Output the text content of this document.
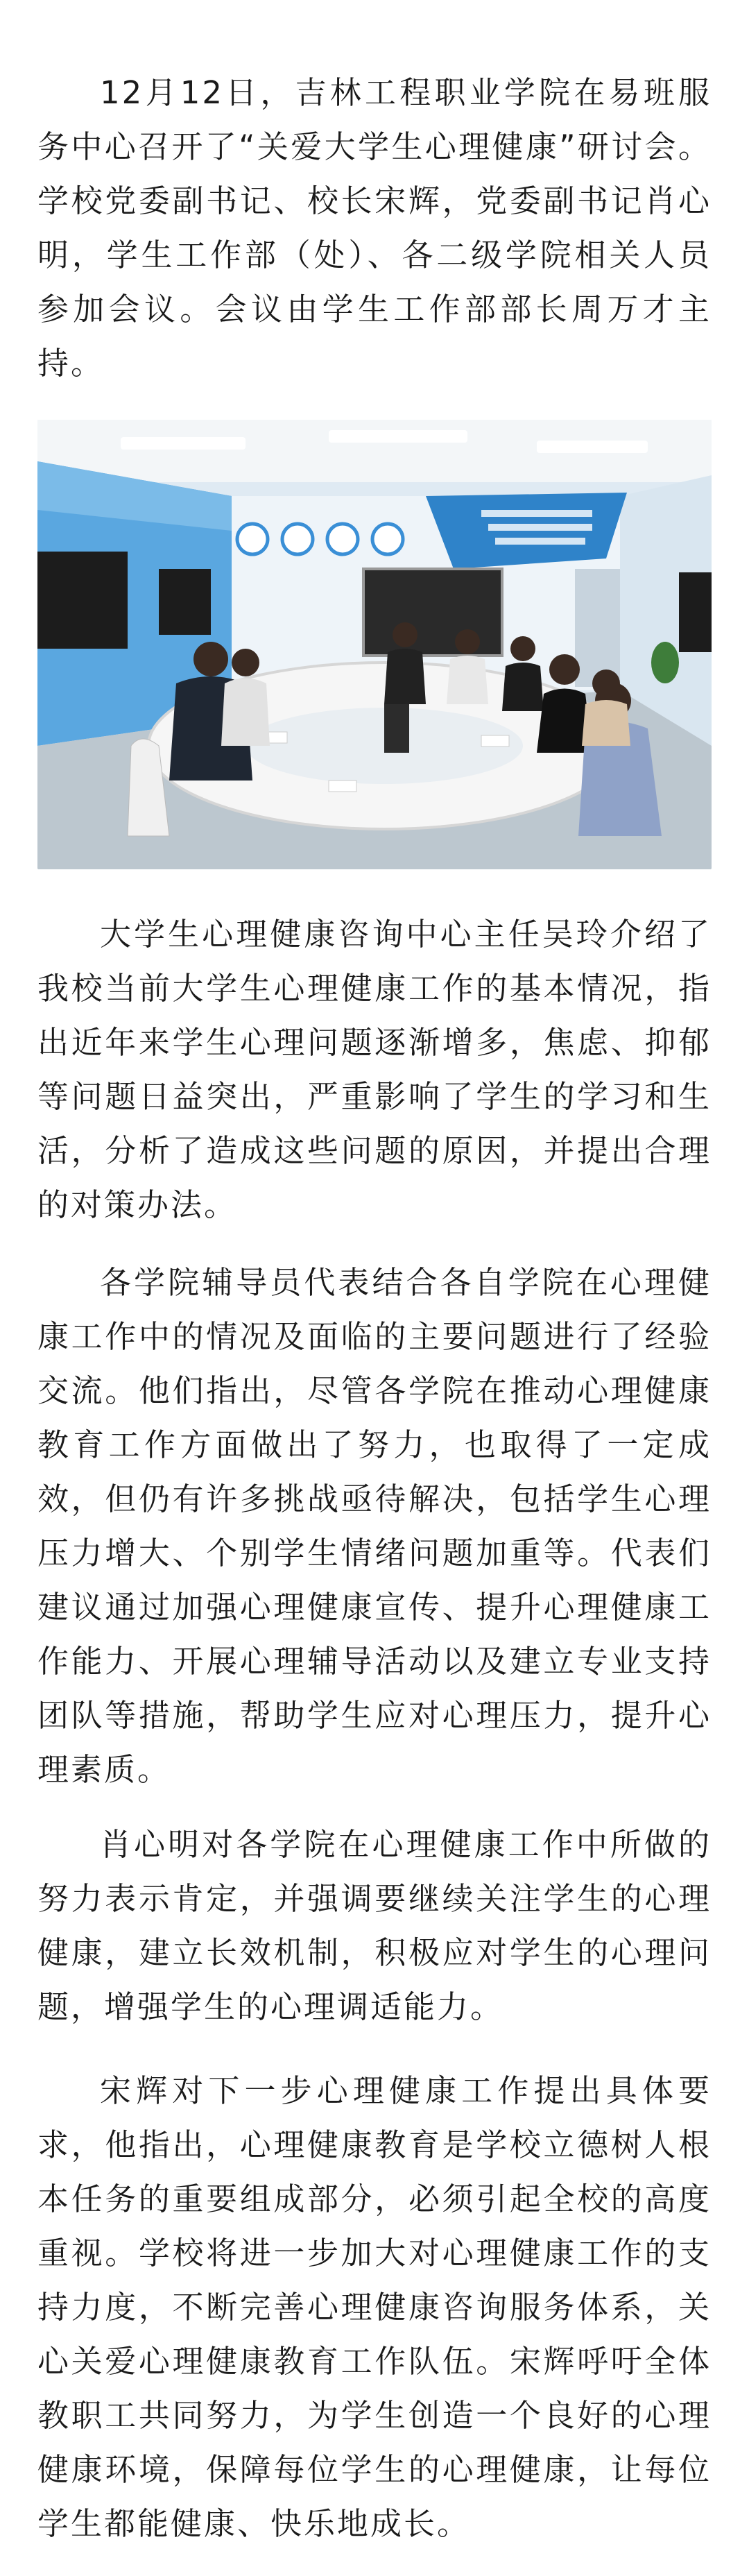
12月12日，吉林工程职业学院在易班服务中心召开了“关爱大学生心理健康”研讨会。学校党委副书记、校长宋辉，党委副书记肖心明，学生工作部（处）、各二级学院相关人员参加会议。会议由学生工作部部长周万才主持。

大学生心理健康咨询中心主任吴玲介绍了我校当前大学生心理健康工作的基本情况，指出近年来学生心理问题逐渐增多，焦虑、抑郁等问题日益突出，严重影响了学生的学习和生活，分析了造成这些问题的原因，并提出合理的对策办法。

各学院辅导员代表结合各自学院在心理健康工作中的情况及面临的主要问题进行了经验交流。他们指出，尽管各学院在推动心理健康教育工作方面做出了努力，也取得了一定成效，但仍有许多挑战亟待解决，包括学生心理压力增大、个别学生情绪问题加重等。代表们建议通过加强心理健康宣传、提升心理健康工作能力、开展心理辅导活动以及建立专业支持团队等措施，帮助学生应对心理压力，提升心理素质。

肖心明对各学院在心理健康工作中所做的努力表示肯定，并强调要继续关注学生的心理健康，建立长效机制，积极应对学生的心理问题，增强学生的心理调适能力。

宋辉对下一步心理健康工作提出具体要求，他指出，心理健康教育是学校立德树人根本任务的重要组成部分，必须引起全校的高度重视。学校将进一步加大对心理健康工作的支持力度，不断完善心理健康咨询服务体系，关心关爱心理健康教育工作队伍。宋辉呼吁全体教职工共同努力，为学生创造一个良好的心理健康环境，保障每位学生的心理健康，让每位学生都能健康、快乐地成长。
